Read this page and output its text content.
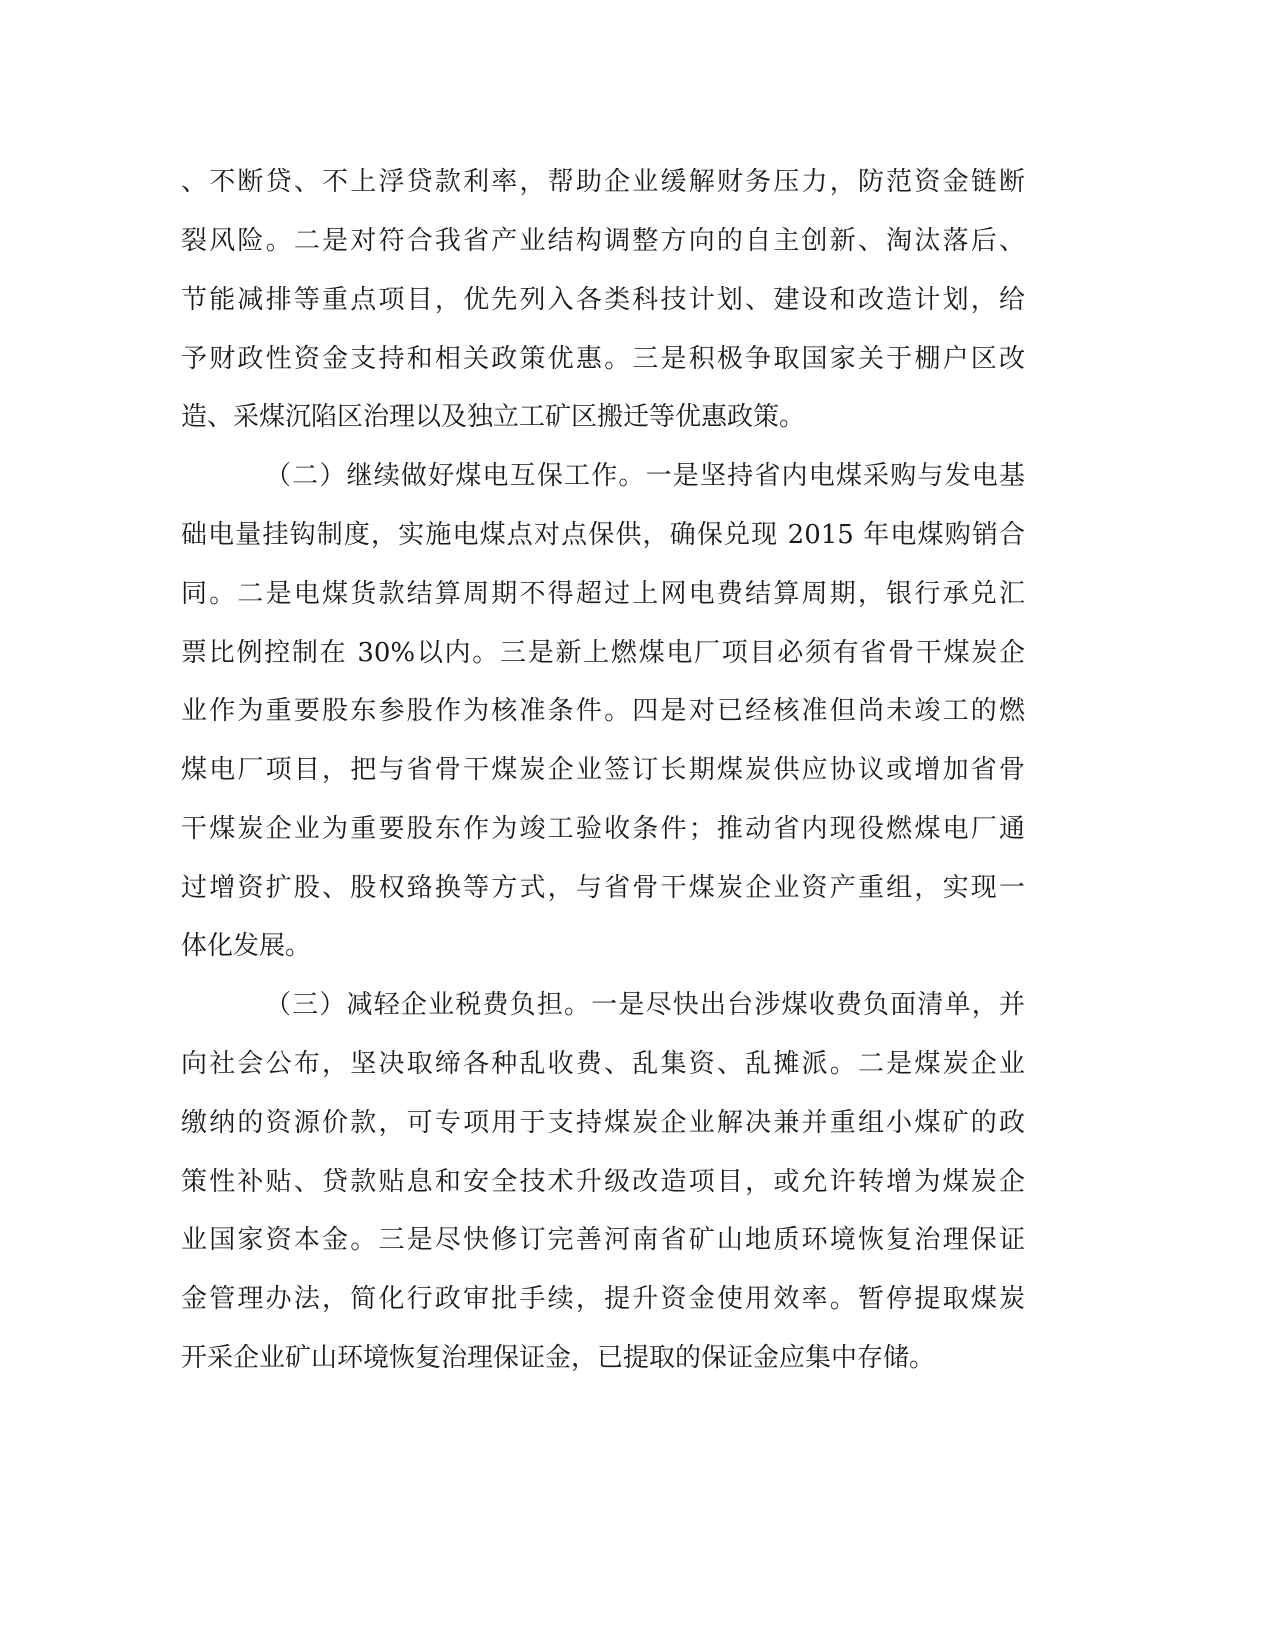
、不断贷、不上浮贷款利率，帮助企业缓解财务压力，防范资金链断
裂风险。二是对符合我省产业结构调整方向的自主创新、淘汰落后、
节能减排等重点项目，优先列入各类科技计划、建设和改造计划，给
予财政性资金支持和相关政策优惠。三是积极争取国家关于棚户区改
造、采煤沉陷区治理以及独立工矿区搬迁等优惠政策。
（二）继续做好煤电互保工作。一是坚持省内电煤采购与发电基
础电量挂钩制度，实施电煤点对点保供，确保兑现 2015 年电煤购销合
同。二是电煤货款结算周期不得超过上网电费结算周期，银行承兑汇
票比例控制在 30%以内。三是新上燃煤电厂项目必须有省骨干煤炭企
业作为重要股东参股作为核准条件。四是对已经核准但尚未竣工的燃
煤电厂项目，把与省骨干煤炭企业签订长期煤炭供应协议或增加省骨
干煤炭企业为重要股东作为竣工验收条件；推动省内现役燃煤电厂通
过增资扩股、股权臵换等方式，与省骨干煤炭企业资产重组，实现一
体化发展。
（三）减轻企业税费负担。一是尽快出台涉煤收费负面清单，并
向社会公布，坚决取缔各种乱收费、乱集资、乱摊派。二是煤炭企业
缴纳的资源价款，可专项用于支持煤炭企业解决兼并重组小煤矿的政
策性补贴、贷款贴息和安全技术升级改造项目，或允许转增为煤炭企
业国家资本金。三是尽快修订完善河南省矿山地质环境恢复治理保证
金管理办法，简化行政审批手续，提升资金使用效率。暂停提取煤炭
开采企业矿山环境恢复治理保证金，已提取的保证金应集中存储。
